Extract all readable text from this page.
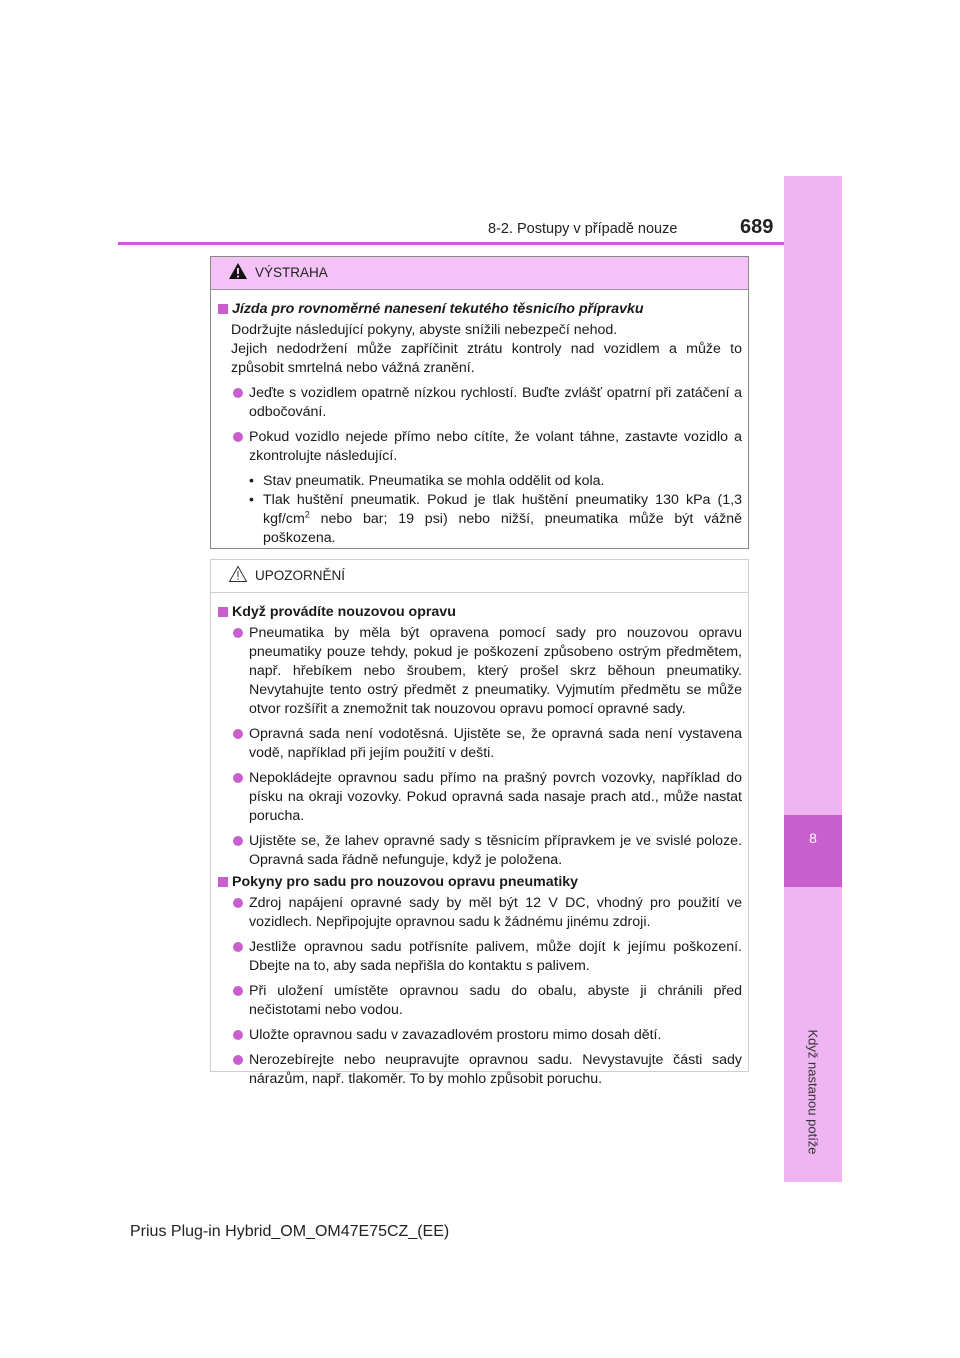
8
Když nastanou potíže
8-2. Postupy v případě nouze	689
VÝSTRAHA
Jízda pro rovnoměrné nanesení tekutého těsnicího přípravku
Dodržujte následující pokyny, abyste snížili nebezpečí nehod.
Jejich nedodržení může zapříčinit ztrátu kontroly nad vozidlem a může to způsobit smrtelná nebo vážná zranění.
Jeďte s vozidlem opatrně nízkou rychlostí. Buďte zvlášť opatrní při zatáčení a odbočování.
Pokud vozidlo nejede přímo nebo cítíte, že volant táhne, zastavte vozidlo a zkontrolujte následující.
• Stav pneumatik. Pneumatika se mohla oddělit od kola.
• Tlak huštění pneumatik. Pokud je tlak huštění pneumatiky 130 kPa (1,3 kgf/$cm^2$ nebo bar; 19 psi) nebo nižší, pneumatika může být vážně poškozena.
UPOZORNĚNÍ
Když provádíte nouzovou opravu
Pneumatika by měla být opravena pomocí sady pro nouzovou opravu pneumatiky pouze tehdy, pokud je poškození způsobeno ostrým předmětem, např. hřebíkem nebo šroubem, který prošel skrz běhoun pneumatiky. Nevytahujte tento ostrý předmět z pneumatiky. Vyjmutím předmětu se může otvor rozšířit a znemožnit tak nouzovou opravu pomocí opravné sady.
Opravná sada není vodotěsná. Ujistěte se, že opravná sada není vystavena vodě, například při jejím použití v dešti.
Nepokládejte opravnou sadu přímo na prašný povrch vozovky, například do písku na okraji vozovky. Pokud opravná sada nasaje prach atd., může nastat porucha.
Ujistěte se, že lahev opravné sady s těsnicím přípravkem je ve svislé poloze. Opravná sada řádně nefunguje, když je položena.
Pokyny pro sadu pro nouzovou opravu pneumatiky
Zdroj napájení opravné sady by měl být 12 V DC, vhodný pro použití ve vozidlech. Nepřipojujte opravnou sadu k žádnému jinému zdroji.
Jestliže opravnou sadu potřísníte palivem, může dojít k jejímu poškození. Dbejte na to, aby sada nepřišla do kontaktu s palivem.
Při uložení umístěte opravnou sadu do obalu, abyste ji chránili před nečistotami nebo vodou.
Uložte opravnou sadu v zavazadlovém prostoru mimo dosah dětí.
Nerozebírejte nebo neupravujte opravnou sadu. Nevystavujte části sady nárazům, např. tlakoměr. To by mohlo způsobit poruchu.
Prius Plug-in Hybrid_OM_OM47E75CZ_(EE)
